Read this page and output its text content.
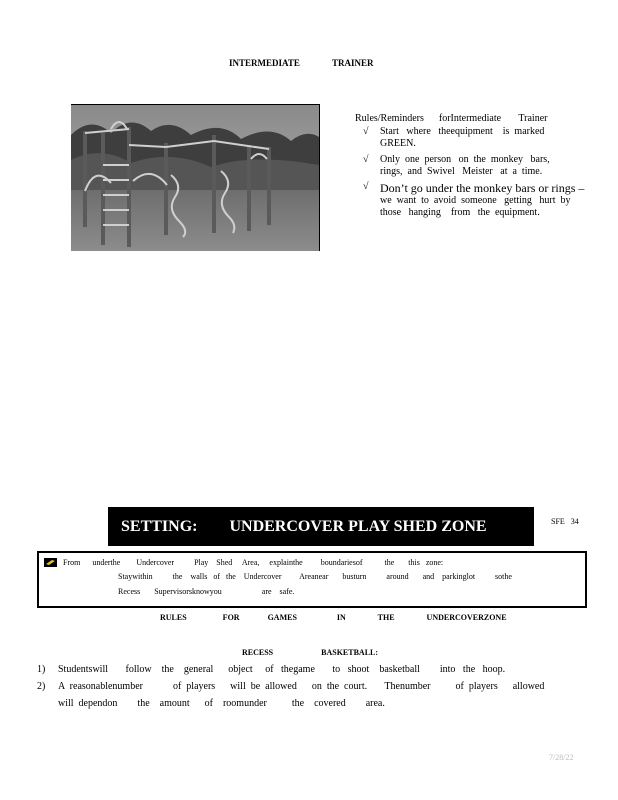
INTERMEDIATE	TRAINER
Rules/Reminders      forIntermediate       Trainer
√ Start   where   theequipment    is  marked
GREEN.
√ Only  one  person   on  the  monkey   bars,
rings,  and  Swivel   Meister   at  a  time.
√ Don’t go under the monkey bars or rings –
we  want  to  avoid  someone   getting   hurt  by
those   hanging    from   the  equipment.
SETTING: UNDERCOVER PLAY SHED ZONE	SFE   34
From      underthe        Undercover          Play    Shed     Area,     explainthe         boundariesof           the       this   zone:
Staywithin          the    walls   of   the    Undercover         Areanear       busturn          around       and    parkinglot          sothe
Recess       Supervisorsknowyou                    are    safe.
RULES         FOR       GAMES          IN        THE        UNDERCOVERZONE
RECESS            BASKETBALL:
1) Studentswill       follow    the    general      object     of   thegame       to   shoot    basketball        into   the   hoop.
2) A  reasonablenumber            of  players      will  be  allowed      on  the  court.       Thenumber          of  players      allowed
will  dependon        the    amount      of    roomunder          the    covered        area.
7/28/22
